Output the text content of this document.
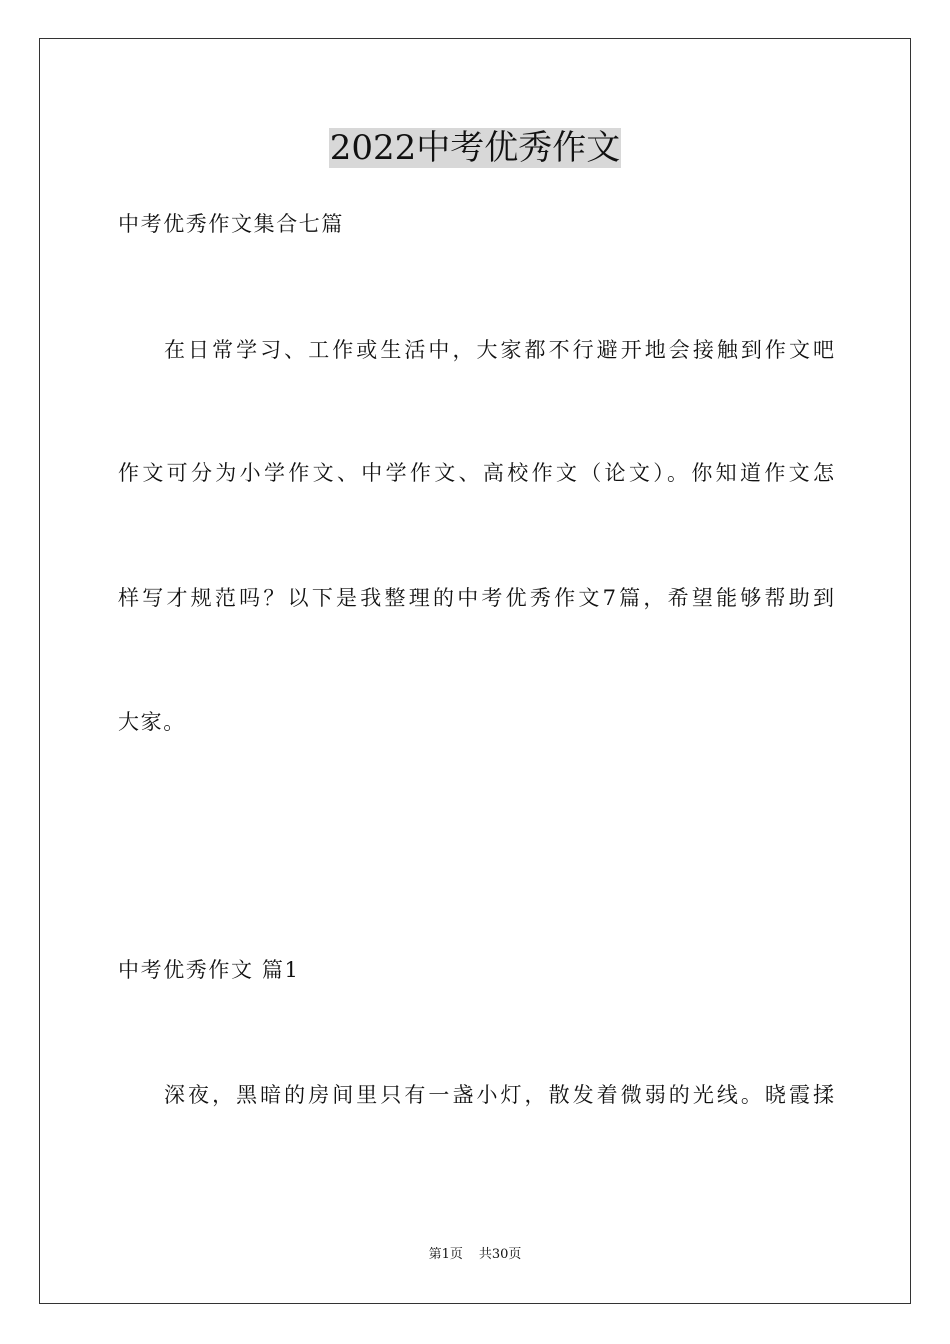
2022中考优秀作文
中考优秀作文集合七篇
在日常学习、工作或生活中，大家都不行避开地会接触到作文吧
作文可分为小学作文、中学作文、高校作文（论文）。你知道作文怎
样写才规范吗？以下是我整理的中考优秀作文7篇，希望能够帮助到
大家。
中考优秀作文 篇1
深夜，黑暗的房间里只有一盏小灯，散发着微弱的光线。晓霞揉
第1页 共30页
